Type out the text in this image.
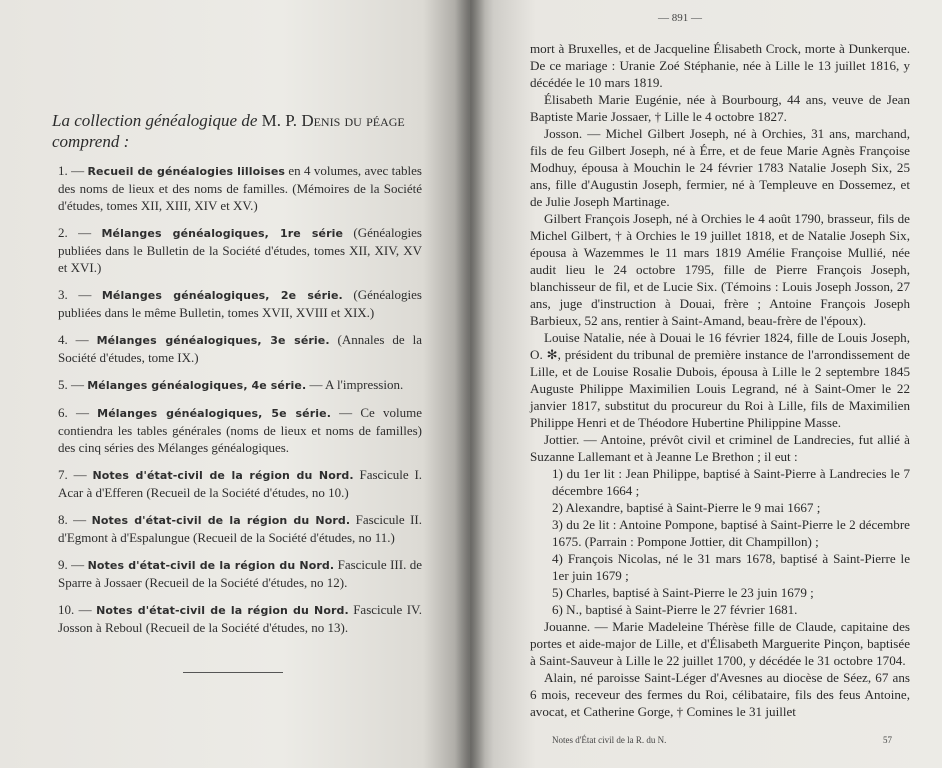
La collection généalogique de M. P. Denis du péage
comprend :
1. — Recueil de généalogies lilloises en 4 volumes, avec tables des noms de lieux et des noms de familles. (Mémoires de la Société d'études, tomes XII, XIII, XIV et XV.)
2. — Mélanges généalogiques, 1re série (Généalogies publiées dans le Bulletin de la Société d'études, tomes XII, XIV, XV et XVI.)
3. — Mélanges généalogiques, 2e série. (Généalogies publiées dans le même Bulletin, tomes XVII, XVIII et XIX.)
4. — Mélanges généalogiques, 3e série. (Annales de la Société d'études, tome IX.)
5. — Mélanges généalogiques, 4e série. — A l'impression.
6. — Mélanges généalogiques, 5e série. — Ce volume contiendra les tables générales (noms de lieux et noms de familles) des cinq séries des Mélanges généalogiques.
7. — Notes d'état-civil de la région du Nord. Fascicule I. Acar à d'Efferen (Recueil de la Société d'études, no 10.)
8. — Notes d'état-civil de la région du Nord. Fascicule II. d'Egmont à d'Espalungue (Recueil de la Société d'études, no 11.)
9. — Notes d'état-civil de la région du Nord. Fascicule III. de Sparre à Jossaer (Recueil de la Société d'études, no 12).
10. — Notes d'état-civil de la région du Nord. Fascicule IV. Josson à Reboul (Recueil de la Société d'études, no 13).
— 891 —

mort à Bruxelles, et de Jacqueline Élisabeth Crock, morte à Dunkerque. De ce mariage : Uranie Zoé Stéphanie, née à Lille le 13 juillet 1816, y décédée le 10 mars 1819.

Élisabeth Marie Eugénie, née à Bourbourg, 44 ans, veuve de Jean Baptiste Marie Jossaer, † Lille le 4 octobre 1827.

Josson. — Michel Gilbert Joseph, né à Orchies, 31 ans, marchand, fils de feu Gilbert Joseph, né à Érre, et de feue Marie Agnès Françoise Modhuy, épousa à Mouchin le 24 février 1783 Natalie Joseph Six, 25 ans, fille d'Augustin Joseph, fermier, né à Templeuve en Dossemez, et de Julie Joseph Martinage.

Gilbert François Joseph, né à Orchies le 4 août 1790, brasseur, fils de Michel Gilbert, † à Orchies le 19 juillet 1818, et de Natalie Joseph Six, épousa à Wazemmes le 11 mars 1819 Amélie Françoise Mullié, née audit lieu le 24 octobre 1795, fille de Pierre François Joseph, blanchisseur de fil, et de Lucie Six. (Témoins : Louis Joseph Josson, 27 ans, juge d'instruction à Douai, frère ; Antoine François Joseph Barbieux, 52 ans, rentier à Saint-Amand, beau-frère de l'époux).

Louise Natalie, née à Douai le 16 février 1824, fille de Louis Joseph, O. ✻, président du tribunal de première instance de l'arrondissement de Lille, et de Louise Rosalie Dubois, épousa à Lille le 2 septembre 1845 Auguste Philippe Maximilien Louis Legrand, né à Saint-Omer le 22 janvier 1817, substitut du procureur du Roi à Lille, fils de Maximilien Philippe Henri et de Théodore Hubertine Philippine Masse.

Jottier. — Antoine, prévôt civil et criminel de Landrecies, fut allié à Suzanne Lallemant et à Jeanne Le Brethon ; il eut :

1) du 1er lit : Jean Philippe, baptisé à Saint-Pierre à Landrecies le 7 décembre 1664 ;

2) Alexandre, baptisé à Saint-Pierre le 9 mai 1667 ;

3) du 2e lit : Antoine Pompone, baptisé à Saint-Pierre le 2 décembre 1675. (Parrain : Pompone Jottier, dit Champillon) ;

4) François Nicolas, né le 31 mars 1678, baptisé à Saint-Pierre le 1er juin 1679 ;

5) Charles, baptisé à Saint-Pierre le 23 juin 1679 ;

6) N., baptisé à Saint-Pierre le 27 février 1681.

Jouanne. — Marie Madeleine Thérèse fille de Claude, capitaine des portes et aide-major de Lille, et d'Élisabeth Marguerite Pinçon, baptisée à Saint-Sauveur à Lille le 22 juillet 1700, y décédée le 31 octobre 1704.

Alain, né paroisse Saint-Léger d'Avesnes au diocèse de Séez, 67 ans 6 mois, receveur des fermes du Roi, célibataire, fils des feus Antoine, avocat, et Catherine Gorge, † Comines le 31 juillet

Notes d'État civil de la R. du N.	57
